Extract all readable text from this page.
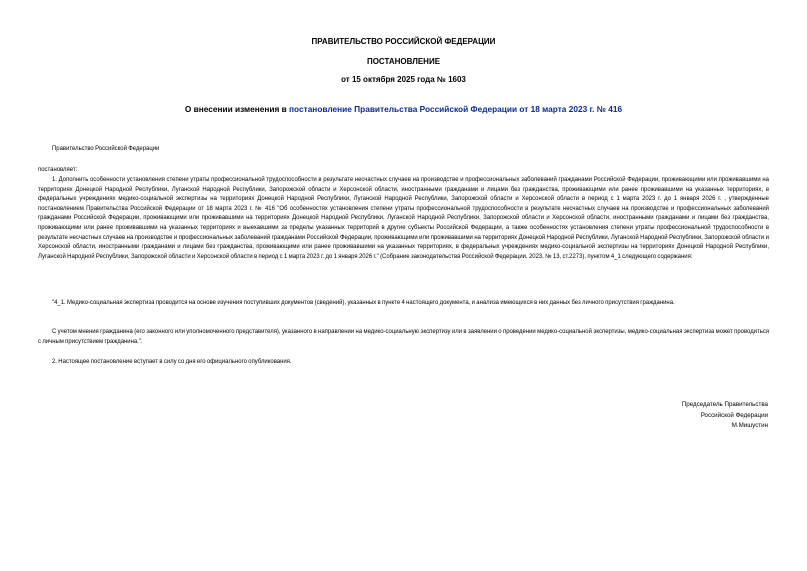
ПРАВИТЕЛЬСТВО РОССИЙСКОЙ ФЕДЕРАЦИИ
ПОСТАНОВЛЕНИЕ
от 15 октября 2025 года № 1603
О внесении изменения в постановление Правительства Российской Федерации от 18 марта 2023 г. № 416
Правительство Российской Федерации
постановляет:
1. Дополнить особенности установления степени утраты профессиональной трудоспособности в результате несчастных случаев на производстве и профессиональных заболеваний гражданами Российской Федерации, проживающими или проживавшими на территориях Донецкой Народной Республики, Луганской Народной Республики, Запорожской области и Херсонской области, иностранными гражданами и лицами без гражданства, проживающими или ранее проживавшими на указанных территориях, в федеральных учреждениях медико-социальной экспертизы на территориях Донецкой Народной Республики, Луганской Народной Республики, Запорожской области и Херсонской области в период с 1 марта 2023 г. до 1 января 2026 г. , утвержденные постановлением Правительства Российской Федерации от 18 марта 2023 г. № 416 "Об особенностях установления степени утраты профессиональной трудоспособности в результате несчастных случаев на производстве и профессиональных заболеваний гражданами Российской Федерации, проживающими или проживавшими на территориях Донецкой Народной Республики, Луганской Народной Республики, Запорожской области и Херсонской области, иностранными гражданами и лицами без гражданства, проживающими или ранее проживавшими на указанных территориях и выехавшими за пределы указанных территорий в другие субъекты Российской Федерации, а также особенностях установления степени утраты профессиональной трудоспособности в результате несчастных случаев на производстве и профессиональных заболеваний гражданами Российской Федерации, проживающими или проживавшими на территориях Донецкой Народной Республики, Луганской Народной Республики, Запорожской области и Херсонской области, иностранными гражданами и лицами без гражданства, проживающими или ранее проживавшими на указанных территориях, в федеральных учреждениях медико-социальной экспертизы на территориях Донецкой Народной Республики, Луганской Народной Республики, Запорожской области и Херсонской области в период с 1 марта 2023 г. до 1 января 2026 г." (Собрание законодательства Российской Федерации, 2023, № 13, ст.2273), пунктом 4_1 следующего содержания:
"4_1. Медико-социальная экспертиза проводится на основе изучения поступивших документов (сведений), указанных в пункте 4 настоящего документа, и анализа имеющихся в них данных без личного присутствия гражданина.
С учетом мнения гражданина (его законного или уполномоченного представителя), указанного в направлении на медико-социальную экспертизу или в заявлении о проведении медико-социальной экспертизы, медико-социальная экспертиза может проводиться с личным присутствием гражданина.".
2. Настоящее постановление вступает в силу со дня его официального опубликования.
Председатель Правительства
Российской Федерации
М.Мишустин
